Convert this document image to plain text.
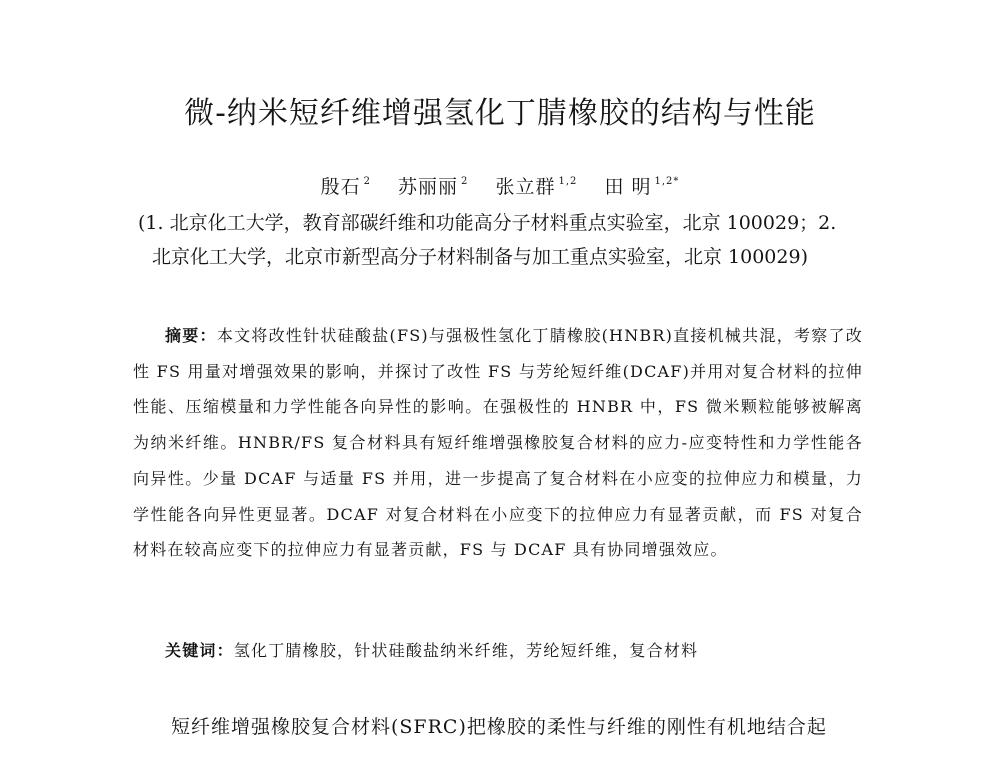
微-纳米短纤维增强氢化丁腈橡胶的结构与性能
殷石 $^2$ 苏丽丽 $^2$ 张立群 $^{1,2}$ 田 明 $^{1,2*}$
(1. 北京化工大学，教育部碳纤维和功能高分子材料重点实验室，北京 100029；2.
北京化工大学，北京市新型高分子材料制备与加工重点实验室，北京 100029)

摘要：本文将改性针状硅酸盐(FS)与强极性氢化丁腈橡胶(HNBR)直接机械共混，考察了改性 FS 用量对增强效果的影响，并探讨了改性 FS 与芳纶短纤维(DCAF)并用对复合材料的拉伸性能、压缩模量和力学性能各向异性的影响。在强极性的 HNBR 中，FS 微米颗粒能够被解离为纳米纤维。HNBR/FS 复合材料具有短纤维增强橡胶复合材料的应力-应变特性和力学性能各向异性。少量 DCAF 与适量 FS 并用，进一步提高了复合材料在小应变的拉伸应力和模量，力学性能各向异性更显著。DCAF 对复合材料在小应变下的拉伸应力有显著贡献，而 FS 对复合材料在较高应变下的拉伸应力有显著贡献，FS 与 DCAF 具有协同增强效应。

关键词：氢化丁腈橡胶，针状硅酸盐纳米纤维，芳纶短纤维，复合材料

短纤维增强橡胶复合材料(SFRC)把橡胶的柔性与纤维的刚性有机地结合起
